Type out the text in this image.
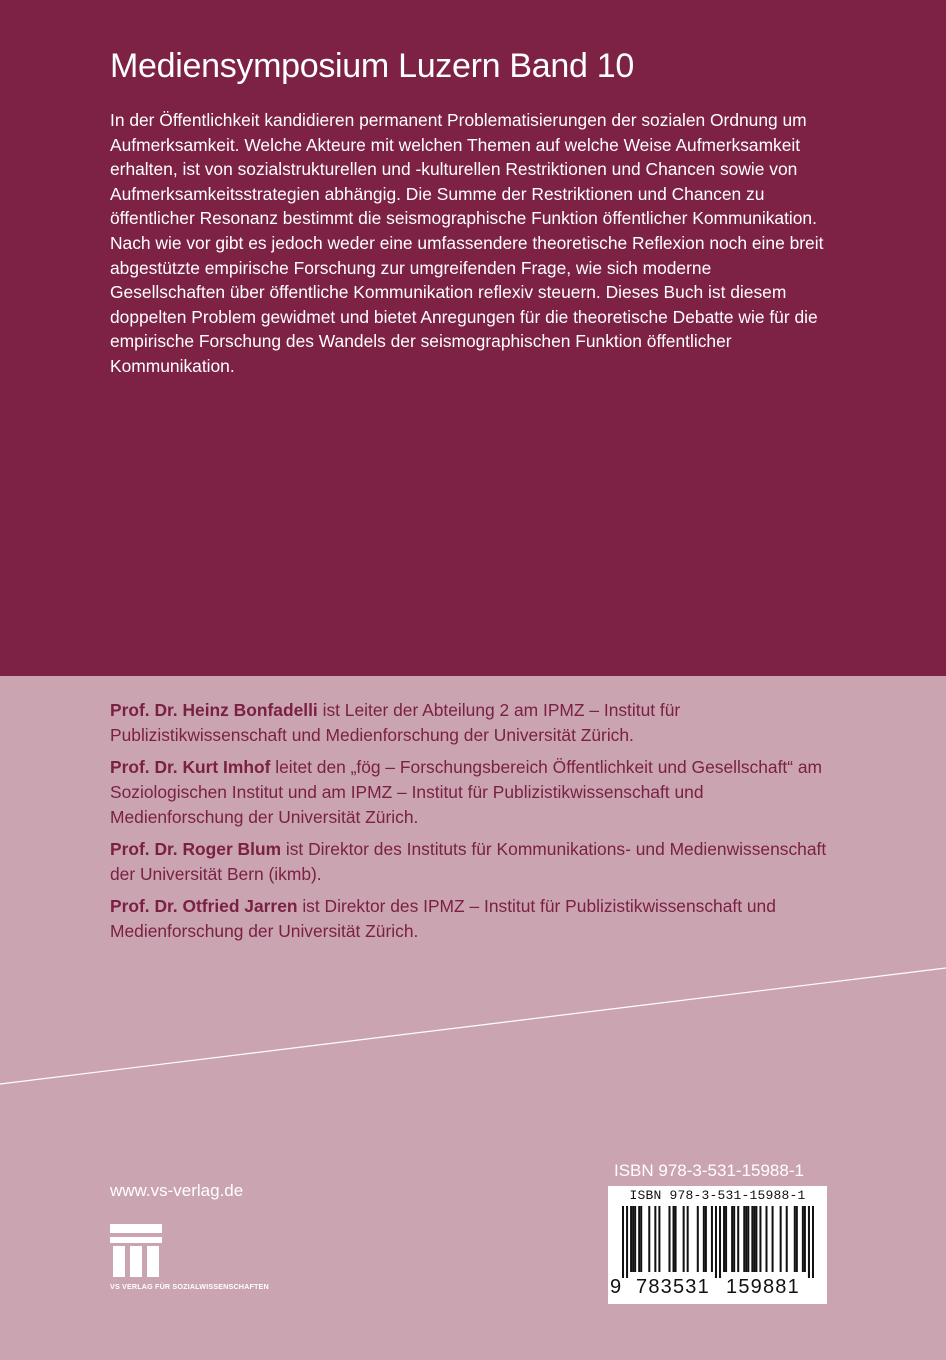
Mediensymposium Luzern Band 10

In der Öffentlichkeit kandidieren permanent Problematisierungen der sozialen Ordnung um Aufmerksamkeit. Welche Akteure mit welchen Themen auf welche Weise Aufmerksamkeit erhalten, ist von sozialstrukturellen und -kulturellen Restriktionen und Chancen sowie von Aufmerksamkeitsstrategien abhängig. Die Summe der Restriktionen und Chancen zu öffentlicher Resonanz bestimmt die seismographische Funktion öffentlicher Kommunikation. Nach wie vor gibt es jedoch weder eine umfassendere theoretische Reflexion noch eine breit abgestützte empirische Forschung zur umgreifenden Frage, wie sich moderne Gesellschaften über öffentliche Kommunikation reflexiv steuern. Dieses Buch ist diesem doppelten Problem gewidmet und bietet Anregungen für die theoretische Debatte wie für die empirische Forschung des Wandels der seismographischen Funktion öffentlicher Kommunikation.

Prof. Dr. Heinz Bonfadelli ist Leiter der Abteilung 2 am IPMZ – Institut für Publizistikwissenschaft und Medienforschung der Universität Zürich.

Prof. Dr. Kurt Imhof leitet den „fög – Forschungsbereich Öffentlichkeit und Gesellschaft“ am Soziologischen Institut und am IPMZ – Institut für Publizistikwissenschaft und Medienforschung der Universität Zürich.

Prof. Dr. Roger Blum ist Direktor des Instituts für Kommunikations- und Medienwissenschaft der Universität Bern (ikmb).

Prof. Dr. Otfried Jarren ist Direktor des IPMZ – Institut für Publizistikwissenschaft und Medienforschung der Universität Zürich.

www.vs-verlag.de
VS VERLAG FÜR SOZIALWISSENSCHAFTEN
ISBN 978-3-531-15988-1
ISBN 978-3-531-15988-1
9 783531 159881
